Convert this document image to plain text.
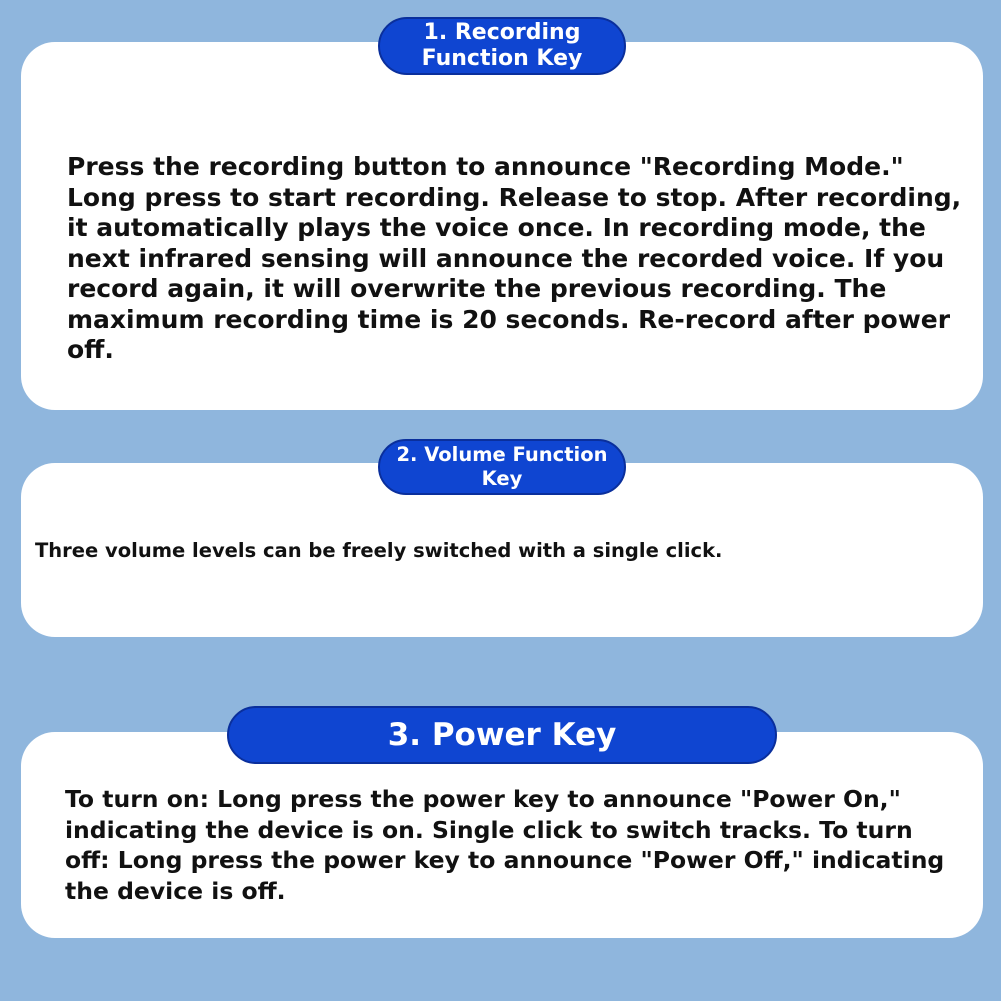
Press the recording button to announce "Recording Mode." Long press to start recording. Release to stop. After recording, it automatically plays the voice once. In recording mode, the next infrared sensing will announce the recorded voice. If you record again, it will overwrite the previous recording. The maximum recording time is 20 seconds. Re-record after power off.

1. Recording Function Key

Three volume levels can be freely switched with a single click.

2. Volume Function Key

To turn on: Long press the power key to announce "Power On," indicating the device is on. Single click to switch tracks. To turn off: Long press the power key to announce "Power Off," indicating the device is off.

3. Power Key
